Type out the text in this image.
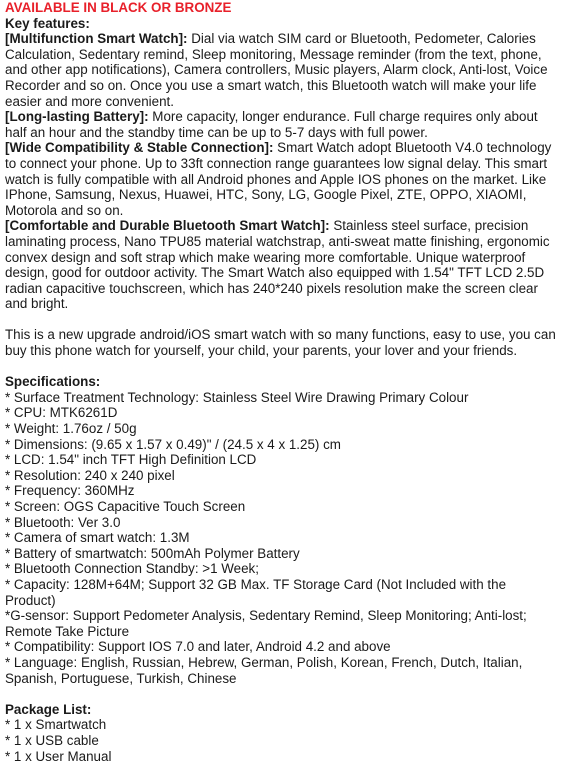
AVAILABLE IN BLACK OR BRONZE
Key features:
[Multifunction Smart Watch]: Dial via watch SIM card or Bluetooth, Pedometer, Calories Calculation, Sedentary remind, Sleep monitoring, Message reminder (from the text, phone, and other app notifications), Camera controllers, Music players, Alarm clock, Anti-lost, Voice Recorder and so on. Once you use a smart watch, this Bluetooth watch will make your life easier and more convenient.
[Long-lasting Battery]: More capacity, longer endurance. Full charge requires only about half an hour and the standby time can be up to 5-7 days with full power.
[Wide Compatibility & Stable Connection]: Smart Watch adopt Bluetooth V4.0 technology to connect your phone. Up to 33ft connection range guarantees low signal delay. This smart watch is fully compatible with all Android phones and Apple IOS phones on the market. Like IPhone, Samsung, Nexus, Huawei, HTC, Sony, LG, Google Pixel, ZTE, OPPO, XIAOMI, Motorola and so on.
[Comfortable and Durable Bluetooth Smart Watch]: Stainless steel surface, precision laminating process, Nano TPU85 material watchstrap, anti-sweat matte finishing, ergonomic convex design and soft strap which make wearing more comfortable. Unique waterproof design, good for outdoor activity. The Smart Watch also equipped with 1.54" TFT LCD 2.5D radian capacitive touchscreen, which has 240*240 pixels resolution make the screen clear and bright.
This is a new upgrade android/iOS smart watch with so many functions, easy to use, you can buy this phone watch for yourself, your child, your parents, your lover and your friends.
Specifications:
* Surface Treatment Technology: Stainless Steel Wire Drawing Primary Colour
* CPU: MTK6261D
* Weight: 1.76oz / 50g
* Dimensions: (9.65 x 1.57 x 0.49)" / (24.5 x 4 x 1.25) cm
* LCD: 1.54" inch TFT High Definition LCD
* Resolution: 240 x 240 pixel
* Frequency: 360MHz
* Screen: OGS Capacitive Touch Screen
* Bluetooth: Ver 3.0
* Camera of smart watch: 1.3M
* Battery of smartwatch: 500mAh Polymer Battery
* Bluetooth Connection Standby: >1 Week;
* Capacity: 128M+64M; Support 32 GB Max. TF Storage Card (Not Included with the Product)
*G-sensor: Support Pedometer Analysis, Sedentary Remind, Sleep Monitoring; Anti-lost; Remote Take Picture
* Compatibility: Support IOS 7.0 and later, Android 4.2 and above
* Language: English, Russian, Hebrew, German, Polish, Korean, French, Dutch, Italian, Spanish, Portuguese, Turkish, Chinese
Package List:
* 1 x Smartwatch
* 1 x USB cable
* 1 x User Manual
